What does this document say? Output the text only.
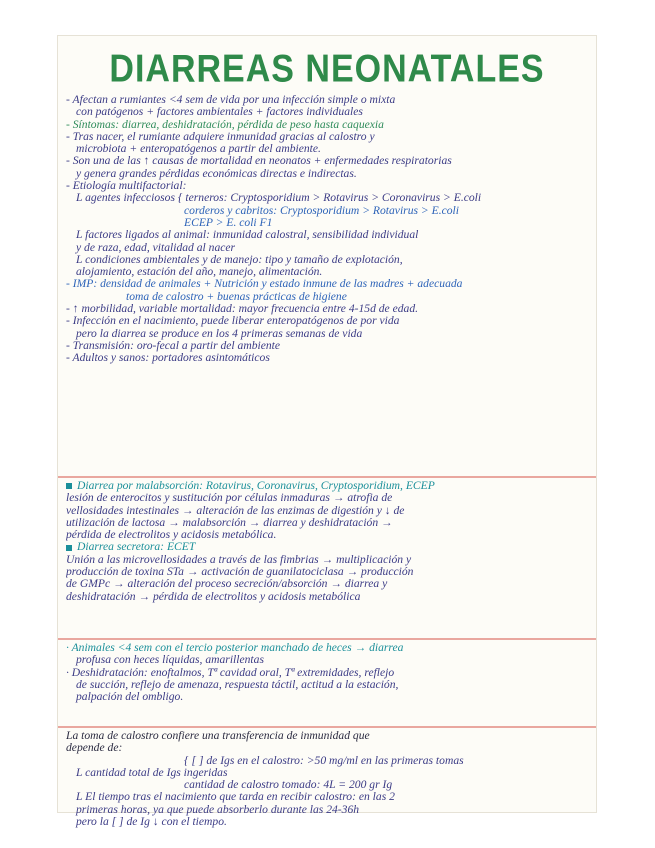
DIARREAS NEONATALES
- Afectan a rumiantes <4 sem de vida por una infección simple o mixta
con patógenos + factores ambientales + factores individuales
- Síntomas: diarrea, deshidratación, pérdida de peso hasta caquexia
- Tras nacer, el rumiante adquiere inmunidad gracias al calostro y
microbiota + enteropatógenos a partir del ambiente.
- Son una de las ↑ causas de mortalidad en neonatos + enfermedades respiratorias
y genera grandes pérdidas económicas directas e indirectas.
- Etiología multifactorial:
L agentes infecciosos { terneros: Cryptosporidium > Rotavirus > Coronavirus > E.coli
corderos y cabritos: Cryptosporidium > Rotavirus > E.coli
ECEP > E. coli F1
L factores ligados al animal: inmunidad calostral, sensibilidad individual
y de raza, edad, vitalidad al nacer
L condiciones ambientales y de manejo: tipo y tamaño de explotación,
alojamiento, estación del año, manejo, alimentación.
- IMP: densidad de animales + Nutrición y estado inmune de las madres + adecuada
toma de calostro + buenas prácticas de higiene
- ↑ morbilidad, variable mortalidad: mayor frecuencia entre 4-15d de edad.
- Infección en el nacimiento, puede liberar enteropatógenos de por vida
pero la diarrea se produce en los 4 primeras semanas de vida
- Transmisión: oro-fecal a partir del ambiente
- Adultos y sanos: portadores asintomáticos
Diarrea por malabsorción: Rotavirus, Coronavirus, Cryptosporidium, ECEP
lesión de enterocitos y sustitución por células inmaduras → atrofia de
vellosidades intestinales → alteración de las enzimas de digestión y ↓ de
utilización de lactosa → malabsorción → diarrea y deshidratación →
pérdida de electrolitos y acidosis metabólica.
Diarrea secretora: ECET
Unión a las microvellosidades a través de las fimbrias → multiplicación y
producción de toxina STa → activación de guanilatociclasa → producción
de GMPc → alteración del proceso secreción/absorción → diarrea y
deshidratación → pérdida de electrolitos y acidosis metabólica
· Animales <4 sem con el tercio posterior manchado de heces → diarrea
profusa con heces líquidas, amarillentas
· Deshidratación: enoftalmos, Tª cavidad oral, Tª extremidades, reflejo
de succión, reflejo de amenaza, respuesta táctil, actitud a la estación,
palpación del ombligo.
La toma de calostro confiere una transferencia de inmunidad que
depende de:
{ [ ] de Igs en el calostro: >50 mg/ml en las primeras tomas
L cantidad total de Igs ingeridas
cantidad de calostro tomado: 4L = 200 gr Ig
L El tiempo tras el nacimiento que tarda en recibir calostro: en las 2
primeras horas, ya que puede absorberlo durante las 24-36h
pero la [ ] de Ig ↓ con el tiempo.
